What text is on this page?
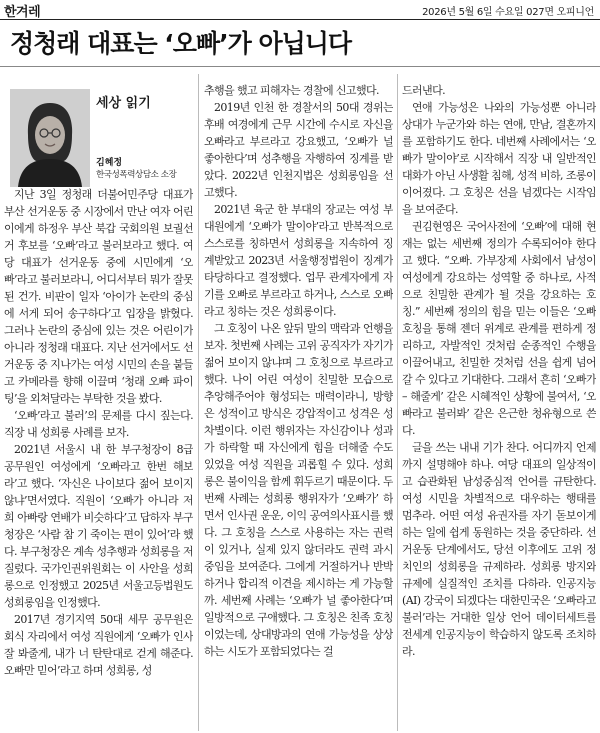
한겨레	2026년 5월 6일 수요일 027면 오피니언
정청래 대표는 ‘오빠’가 아닙니다
세상 읽기
김혜정
한국성폭력상담소 소장

지난 3일 정청래 더불어민주당 대표가 부산 선거운동 중 시장에서 만난 여자 어린이에게 하정우 부산 북갑 국회의원 보궐선거 후보를 ‘오빠’라고 불러보라고 했다. 여당 대표가 선거운동 중에 시민에게 ‘오빠’라고 불러보라니, 어디서부터 뭐가 잘못된 건가. 비판이 일자 ‘아이가 논란의 중심에 서게 되어 송구하다’고 입장을 밝혔다. 그러나 논란의 중심에 있는 것은 어린이가 아니라 정청래 대표다. 지난 선거에서도 선거운동 중 지나가는 여성 시민의 손을 붙들고 카메라를 향해 이끌며 ‘청래 오빠 파이팅’을 외쳐달라는 부탁한 것을 봤다.

‘오빠’라고 불러’의 문제를 다시 짚는다. 직장 내 성희롱 사례를 보자.

2021년 서울시 내 한 부구청장이 8급 공무원인 여성에게 ‘오빠라고 한번 해보라’고 했다. ‘자신은 나이보다 젊어 보이지 않냐’면서였다. 직원이 ‘오빠가 아니라 저희 아빠랑 연배가 비슷하다’고 답하자 부구청장은 ‘사람 참 기 죽이는 편이 있어’라 했다. 부구청장은 계속 성추행과 성희롱을 저질렀다. 국가인권위원회는 이 사안을 성희롱으로 인정했고 2025년 서울고등법원도 성희롱임을 인정했다.

2017년 경기지역 50대 세무 공무원은 회식 자리에서 여성 직원에게 ‘오빠가 인사 잘 봐줄게, 내가 너 탄탄대로 걷게 해준다. 오빠만 믿어’라고 하며 성희롱, 성

추행을 했고 피해자는 경찰에 신고했다.

2019년 인천 한 경찰서의 50대 경위는 후배 여경에게 근무 시간에 수시로 자신을 오빠라고 부르라고 강요했고, ‘오빠가 널 좋아한다’며 성추행을 자행하여 징계를 받았다. 2022년 인천지법은 성희롱임을 선고했다.

2021년 육군 한 부대의 장교는 여성 부대원에게 ‘오빠가 말이야’라고 반복적으로 스스로를 칭하면서 성희롱을 지속하여 징계받았고 2023년 서울행정법원이 징계가 타당하다고 결정했다. 업무 관계자에게 자기를 오빠로 부르라고 하거나, 스스로 오빠라고 칭하는 것은 성희롱이다.

그 호칭이 나온 앞뒤 말의 맥락과 언행을 보자. 첫번째 사례는 고위 공직자가 자기가 젊어 보이지 않냐며 그 호칭으로 부르라고 했다. 나이 어린 여성이 친밀한 모습으로 추앙해주어야 형성되는 매력이라니, 방향은 성적이고 방식은 강압적이고 성격은 성차별이다. 이런 행위자는 자신감이나 성과가 하락할 때 자신에게 힘을 더해줄 수도 있었을 여성 직원을 괴롭힐 수 있다. 성희롱은 불이익을 함께 휘두르기 때문이다. 두번째 사례는 성희롱 행위자가 ‘오빠가’ 하면서 인사권 운운, 이익 공여의사표시를 했다. 그 호칭을 스스로 사용하는 자는 권력이 있거나, 실제 있지 않더라도 권력 과시 중임을 보여준다. 그에게 거절하거나 반박하거나 합리적 이견을 제시하는 게 가능할까. 세번째 사례는 ‘오빠가 널 좋아한다’며 일방적으로 구애했다. 그 호칭은 친족 호칭이었는데, 상대방과의 연애 가능성을 상상하는 시도가 포함되었다는 걸

드러낸다.

연애 가능성은 나와의 가능성뿐 아니라 상대가 누군가와 하는 연애, 만남, 결혼까지를 포함하기도 한다. 네번째 사례에서는 ‘오빠가 말이야’로 시작해서 직장 내 일반적인 대화가 아닌 사생활 침해, 성적 비하, 조롱이 이어졌다. 그 호칭은 선을 넘겠다는 시작임을 보여준다.

권김현영은 국어사전에 ‘오빠’에 대해 현재는 없는 세번째 정의가 수록되어야 한다고 했다. “오빠. 가부장제 사회에서 남성이 여성에게 강요하는 성역할 중 하나로, 사적으로 친밀한 관계가 될 것을 강요하는 호칭.” 세번째 정의의 힘을 믿는 이들은 ‘오빠 호칭을 통해 젠더 위계로 관계를 편하게 정리하고, 자발적인 것처럼 순종적인 수행을 이끌어내고, 친밀한 것처럼 선을 쉽게 넘어갈 수 있다고 기대한다. 그래서 흔히 ‘오빠가 – 해줄게’ 같은 시혜적인 상황에 불여서, ‘오빠라고 불러봐’ 같은 은근한 청유형으로 쓴다.

글을 쓰는 내내 기가 찬다. 어디까지 언제까지 설명해야 하나. 여당 대표의 일상적이고 습관화된 남성중심적 언어를 규탄한다. 여성 시민을 차별적으로 대우하는 행태를 멈추라. 어떤 여성 유권자를 자기 돋보이게 하는 일에 쉽게 동원하는 것을 중단하라. 선거운동 단계에서도, 당선 이후에도 고위 정치인의 성희롱을 규제하라. 성희롱 방지와 규제에 실질적인 조치를 다하라. 인공지능(AI) 강국이 되겠다는 대한민국은 ‘오빠라고 불러’라는 거대한 일상 언어 데이터세트를 전세계 인공지능이 학습하지 않도록 조치하라.
